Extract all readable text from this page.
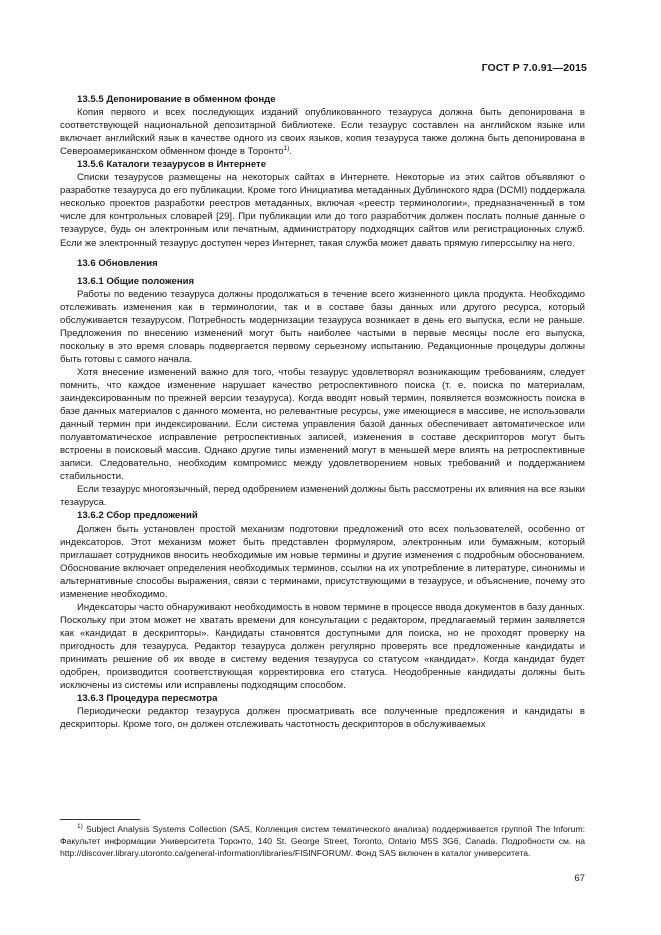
ГОСТ Р 7.0.91—2015

13.5.5 Депонирование в обменном фонде

Копия первого и всех последующих изданий опубликованного тезауруса должна быть депонирована в соответствующей национальной депозитарной библиотеке. Если тезаурус составлен на английском языке или включает английский язык в качестве одного из своих языков, копия тезауруса также должна быть депонирована в Североамериканском обменном фонде в Торонто$^{1)}$.

13.5.6 Каталоги тезаурусов в Интернете

Списки тезаурусов размещены на некоторых сайтах в Интернете. Некоторые из этих сайтов объявляют о разработке тезауруса до его публикации. Кроме того Инициатива метаданных Дублинского ядра (DCMI) поддержала несколько проектов разработки реестров метаданных, включая «реестр терминологии», предназначенный в том числе для контрольных словарей [29]. При публикации или до того разработчик должен послать полные данные о тезаурусе, будь он электронным или печатным, администратору подходящих сайтов или регистрационных служб. Если же электронный тезаурус доступен через Интернет, такая служба может давать прямую гиперссылку на него.

13.6 Обновления

13.6.1 Общие положения

Работы по ведению тезауруса должны продолжаться в течение всего жизненного цикла продукта. Необходимо отслеживать изменения как в терминологии, так и в составе базы данных или другого ресурса, который обслуживается тезаурусом. Потребность модернизации тезауруса возникает в день его выпуска, если не раньше. Предложения по внесению изменений могут быть наиболее частыми в первые месяцы после его выпуска, поскольку в это время словарь подвергается первому серьезному испытанию. Редакционные процедуры должны быть готовы с самого начала.

Хотя внесение изменений важно для того, чтобы тезаурус удовлетворял возникающим требованиям, следует помнить, что каждое изменение нарушает качество ретроспективного поиска (т. е. поиска по материалам, заиндексированным по прежней версии тезауруса). Когда вводят новый термин, появляется возможность поиска в базе данных материалов с данного момента, но релевантные ресурсы, уже имеющиеся в массиве, не использовали данный термин при индексировании. Если система управления базой данных обеспечивает автоматическое или полуавтоматическое исправление ретроспективных записей, изменения в составе дескрипторов могут быть встроены в поисковый массив. Однако другие типы изменений могут в меньшей мере влиять на ретроспективные записи. Следовательно, необходим компромисс между удовлетворением новых требований и поддержанием стабильности.

Если тезаурус многоязычный, перед одобрением изменений должны быть рассмотрены их влияния на все языки тезауруса.

13.6.2 Сбор предложений

Должен быть установлен простой механизм подготовки предложений ото всех пользователей, особенно от индексаторов. Этот механизм может быть представлен формуляром, электронным или бумажным, который приглашает сотрудников вносить необходимые им новые термины и другие изменения с подробным обоснованием. Обоснование включает определения необходимых терминов, ссылки на их употребление в литературе, синонимы и альтернативные способы выражения, связи с терминами, присутствующими в тезаурусе, и объяснение, почему это изменение необходимо.

Индексаторы часто обнаруживают необходимость в новом термине в процессе ввода документов в базу данных. Поскольку при этом может не хватать времени для консультации с редактором, предлагаемый термин заявляется как «кандидат в дескрипторы». Кандидаты становятся доступными для поиска, но не проходят проверку на пригодность для тезауруса. Редактор тезауруса должен регулярно проверять все предложенные кандидаты и принимать решение об их вводе в систему ведения тезауруса со статусом «кандидат». Когда кандидат будет одобрен, производится соответствующая корректировка его статуса. Неодобренные кандидаты должны быть исключены из системы или исправлены подходящим способом.

13.6.3 Процедура пересмотра

Периодически редактор тезауруса должен просматривать все полученные предложения и кандидаты в дескрипторы. Кроме того, он должен отслеживать частотность дескрипторов в обслуживаемых

$^{1)}$ Subject Analysis Systems Collection (SAS, Коллекция систем тематического анализа) поддерживается группой The Inforum: Факультет информации Университета Торонто, 140 St. George Street, Toronto, Ontario M5S 3G6, Canada. Подробности см. на http://discover.library.utoronto.ca/general-information/libraries/FISINFORUM/. Фонд SAS включен в каталог университета.
67
